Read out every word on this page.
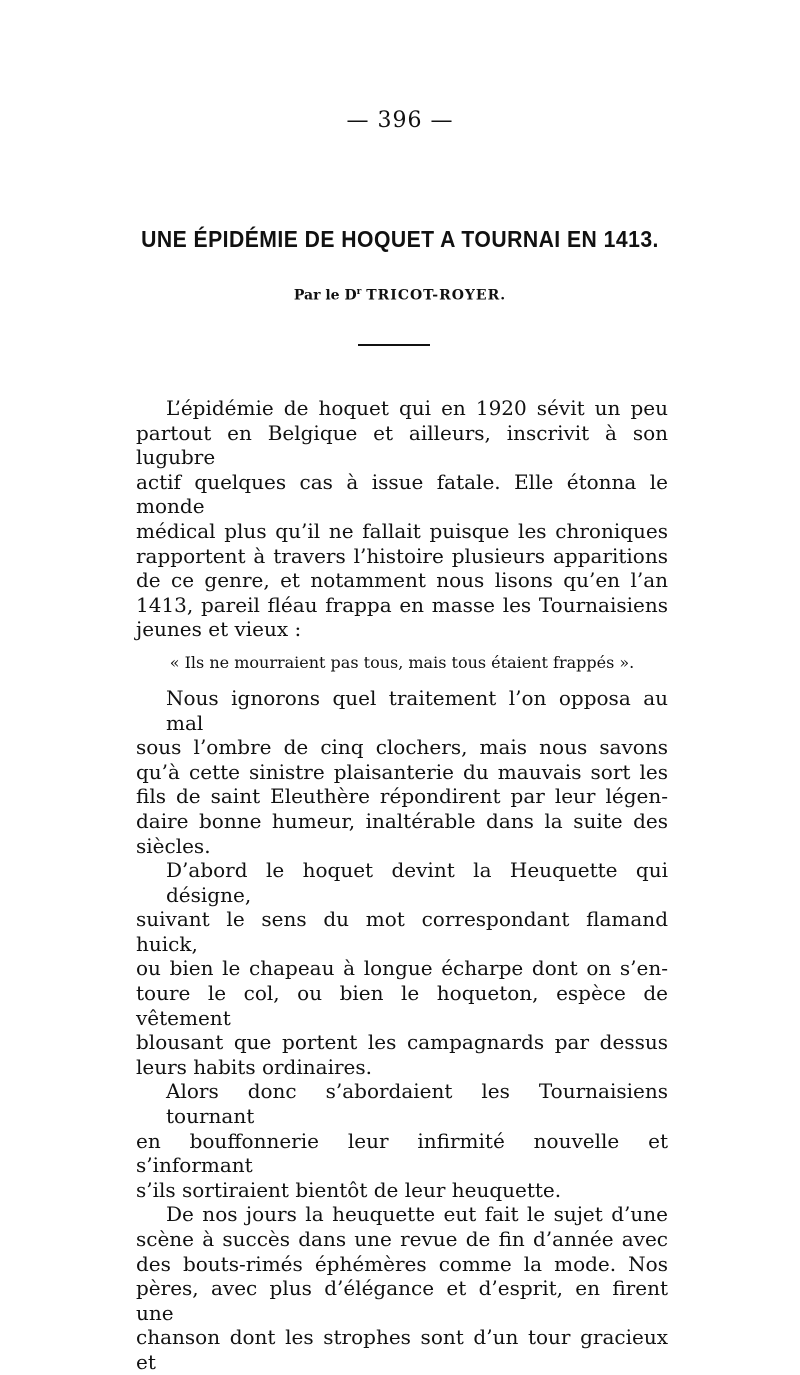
— 396 —
UNE ÉPIDÉMIE DE HOQUET A TOURNAI EN 1413.
Par le $D^r$ TRICOT-ROYER.

L’épidémie de hoquet qui en 1920 sévit un peu
partout en Belgique et ailleurs, inscrivit à son lugubre
actif quelques cas à issue fatale. Elle étonna le monde
médical plus qu’il ne fallait puisque les chroniques
rapportent à travers l’histoire plusieurs apparitions
de ce genre, et notamment nous lisons qu’en l’an
1413, pareil fléau frappa en masse les Tournaisiens
jeunes et vieux :

« Ils ne mourraient pas tous, mais tous étaient frappés ».

Nous ignorons quel traitement l’on opposa au mal
sous l’ombre de cinq clochers, mais nous savons
qu’à cette sinistre plaisanterie du mauvais sort les
fils de saint Eleuthère répondirent par leur légen-
daire bonne humeur, inaltérable dans la suite des
siècles.

D’abord le hoquet devint la Heuquette qui désigne,
suivant le sens du mot correspondant flamand huick,
ou bien le chapeau à longue écharpe dont on s’en-
toure le col, ou bien le hoqueton, espèce de vêtement
blousant que portent les campagnards par dessus
leurs habits ordinaires.

Alors donc s’abordaient les Tournaisiens tournant
en bouffonnerie leur infirmité nouvelle et s’informant
s’ils sortiraient bientôt de leur heuquette.

De nos jours la heuquette eut fait le sujet d’une
scène à succès dans une revue de fin d’année avec
des bouts-rimés éphémères comme la mode. Nos
pères, avec plus d’élégance et d’esprit, en firent une
chanson dont les strophes sont d’un tour gracieux et
